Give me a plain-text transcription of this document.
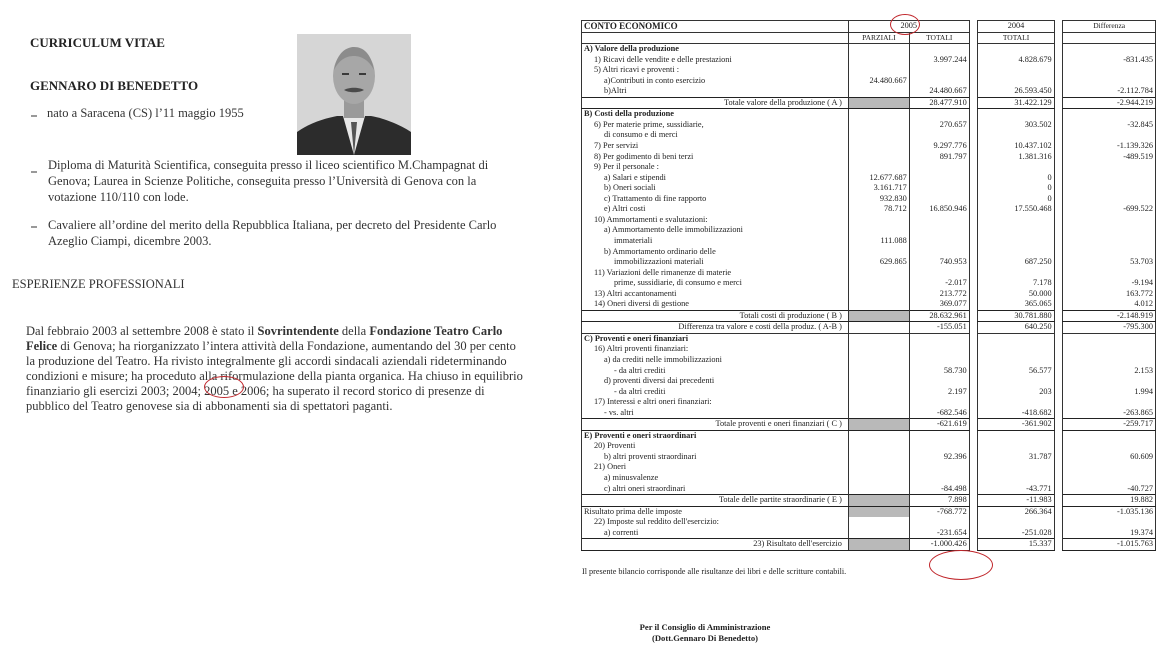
CURRICULUM VITAE
GENNARO DI BENEDETTO
nato a Saracena (CS) l’11 maggio 1955
Diploma di Maturità Scientifica, conseguita presso il liceo scientifico M.Champagnat di
Genova; Laurea in Scienze Politiche, conseguita presso l’Università di Genova con la
votazione 110/110 con lode.
Cavaliere all’ordine del merito della Repubblica Italiana, per decreto del Presidente Carlo
Azeglio Ciampi, dicembre 2003.
ESPERIENZE PROFESSIONALI
Dal febbraio 2003 al settembre 2008 è stato il Sovrintendente della Fondazione Teatro Carlo
Felice di Genova; ha riorganizzato l’intera attività della Fondazione, aumentando del 30 per cento
la produzione del Teatro. Ha rivisto integralmente gli accordi sindacali aziendali rideterminando
condizioni e misure; ha proceduto alla riformulazione della pianta organica. Ha chiuso in equilibrio
finanziario gli esercizi 2003; 2004; 2005 e 2006; ha superato il record storico di presenze di
pubblico del Teatro genovese sia di abbonamenti sia di spettatori paganti.
CONTO ECONOMICO	2005			2004		Differenza
	PARZIALI	TOTALI		TOTALI		
A) Valore della produzione						
1) Ricavi delle vendite e delle prestazioni		3.997.244		4.828.679		-831.435
5) Altri ricavi e proventi :						
a)Contributi in conto esercizio	24.480.667					
b)Altri		24.480.667		26.593.450		-2.112.784
Totale valore della produzione ( A )		28.477.910		31.422.129		-2.944.219
B) Costi della produzione						
6) Per materie prime, sussidiarie,		270.657		303.502		-32.845
di consumo e di merci						
7) Per servizi		9.297.776		10.437.102		-1.139.326
8) Per godimento di beni terzi		891.797		1.381.316		-489.519
9) Per il personale :						
a) Salari e stipendi	12.677.687			0		
b) Oneri sociali	3.161.717			0		
c) Trattamento di fine rapporto	932.830			0		
e) Altri costi	78.712	16.850.946		17.550.468		-699.522
10) Ammortamenti e svalutazioni:						
a) Ammortamento delle immobilizzazioni						
immateriali	111.088					
b) Ammortamento ordinario delle						
immobilizzazioni materiali	629.865	740.953		687.250		53.703
11) Variazioni delle rimanenze di materie						
prime, sussidiarie, di consumo e merci		-2.017		7.178		-9.194
13) Altri accantonamenti		213.772		50.000		163.772
14) Oneri diversi di gestione		369.077		365.065		4.012
Totali costi di produzione ( B )		28.632.961		30.781.880		-2.148.919
Differenza tra valore e costi della produz. ( A-B )		-155.051		640.250		-795.300
C) Proventi e oneri finanziari						
16) Altri proventi finanziari:						
a) da crediti nelle immobilizzazioni						
- da altri crediti		58.730		56.577		2.153
d) proventi diversi dai precedenti						
- da altri crediti		2.197		203		1.994
17) Interessi e altri oneri finanziari:						
- vs. altri		-682.546		-418.682		-263.865
Totale proventi e oneri finanziari ( C )		-621.619		-361.902		-259.717
E) Proventi e oneri straordinari						
20) Proventi						
b) altri proventi straordinari		92.396		31.787		60.609
21) Oneri						
a) minusvalenze						
c) altri oneri straordinari		-84.498		-43.771		-40.727
Totale delle partite straordinarie ( E )		7.898		-11.983		19.882
Risultato prima delle imposte		-768.772		266.364		-1.035.136
22) Imposte sul reddito dell'esercizio:						
a) correnti		-231.654		-251.028		19.374
23) Risultato dell'esercizio		-1.000.426		15.337		-1.015.763
Il presente bilancio corrisponde alle risultanze dei libri e delle scritture contabili.
Per il Consiglio di Amministrazione
(Dott.Gennaro Di Benedetto)
